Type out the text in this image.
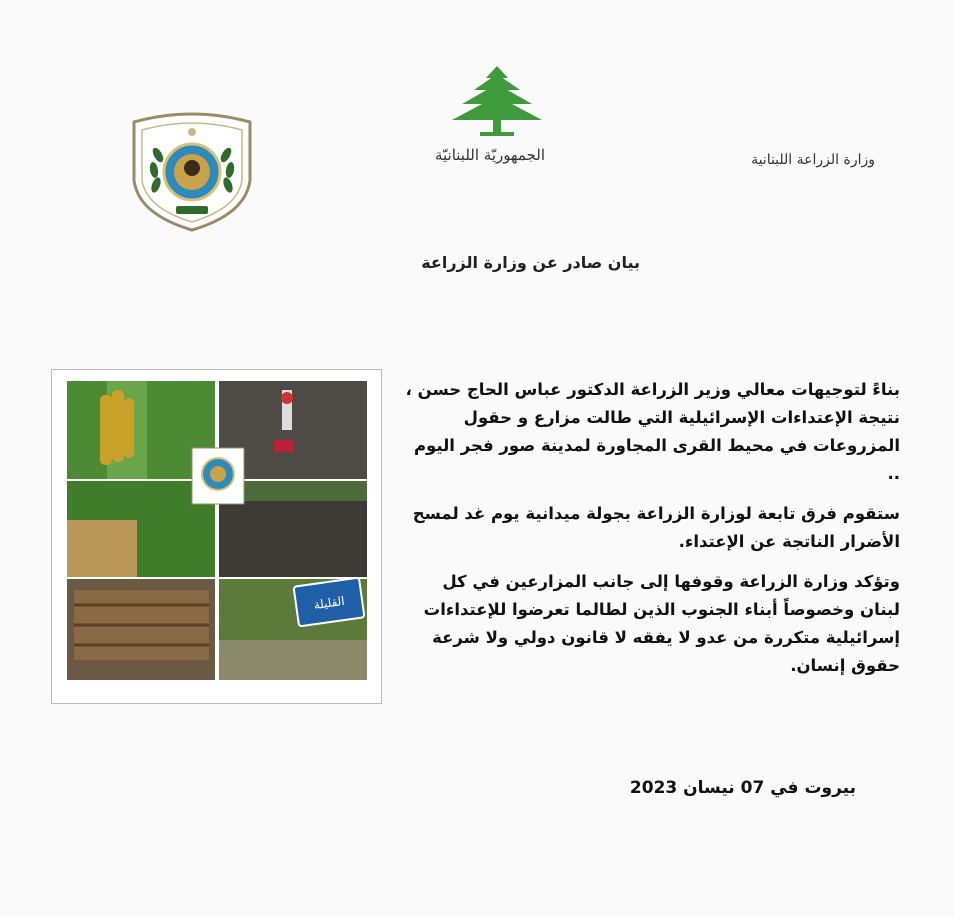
الجمهوريّة اللبنانيّة	وزارة الزراعة اللبنانية
بيان صادر عن وزارة الزراعة
القليلة

بناءً لتوجيهات معالي وزير الزراعة الدكتور عباس الحاج حسن ، نتيجة الإعتداءات الإسرائيلية التي طالت مزارع و حقول المزروعات في محيط القرى المجاورة لمدينة صور فجر اليوم ..

ستقوم فرق تابعة لوزارة الزراعة بجولة ميدانية يوم غد لمسح الأضرار الناتجة عن الإعتداء.

وتؤكد وزارة الزراعة وقوفها إلى جانب المزارعين في كل لبنان وخصوصاً أبناء الجنوب الذين لطالما تعرضوا للإعتداءات إسرائيلية متكررة من عدو لا يفقه لا قانون دولي ولا شرعة حقوق إنسان.

بيروت في 07 نيسان 2023
